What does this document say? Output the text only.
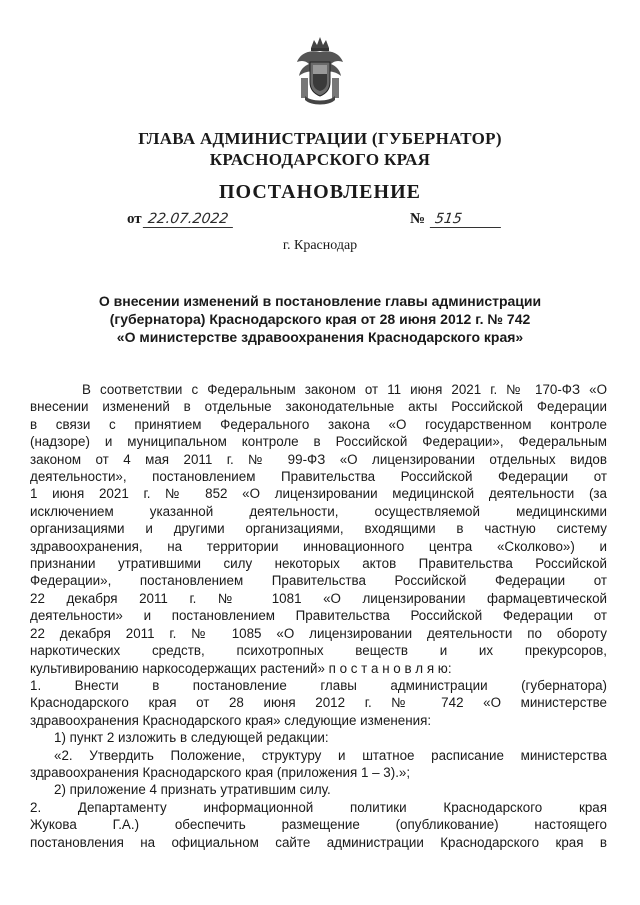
ГЛАВА АДМИНИСТРАЦИИ (ГУБЕРНАТОР)
КРАСНОДАРСКОГО КРАЯ
ПОСТАНОВЛЕНИЕ
от 22.07.2022	№ 515
г. Краснодар
О внесении изменений в постановление главы администрации
(губернатора) Краснодарского края от 28 июня 2012 г. № 742
«О министерстве здравоохранения Краснодарского края»
В соответствии с Федеральным законом от 11 июня 2021 г. № 170-ФЗ «О
внесении изменений в отдельные законодательные акты Российской Федерации
в связи с принятием Федерального закона «О государственном контроле
(надзоре) и муниципальном контроле в Российской Федерации», Федеральным
законом от 4 мая 2011 г. № 99-ФЗ «О лицензировании отдельных видов
деятельности», постановлением Правительства Российской Федерации от
1 июня 2021 г. № 852 «О лицензировании медицинской деятельности (за
исключением указанной деятельности, осуществляемой медицинскими
организациями и другими организациями, входящими в частную систему
здравоохранения, на территории инновационного центра «Сколково») и
признании утратившими силу некоторых актов Правительства Российской
Федерации», постановлением Правительства Российской Федерации от
22 декабря 2011 г. № 1081 «О лицензировании фармацевтической
деятельности» и постановлением Правительства Российской Федерации от
22 декабря 2011 г. № 1085 «О лицензировании деятельности по обороту
наркотических средств, психотропных веществ и их прекурсоров,
культивированию наркосодержащих растений» п о с т а н о в л я ю:
1. Внести в постановление главы администрации (губернатора)
Краснодарского края от 28 июня 2012 г. № 742 «О министерстве
здравоохранения Краснодарского края» следующие изменения:
1) пункт 2 изложить в следующей редакции:
«2. Утвердить Положение, структуру и штатное расписание министерства
здравоохранения Краснодарского края (приложения 1 – 3).»;
2) приложение 4 признать утратившим силу.
2. Департаменту информационной политики Краснодарского края
Жукова Г.А.) обеспечить размещение (опубликование) настоящего
постановления на официальном сайте администрации Краснодарского края в
